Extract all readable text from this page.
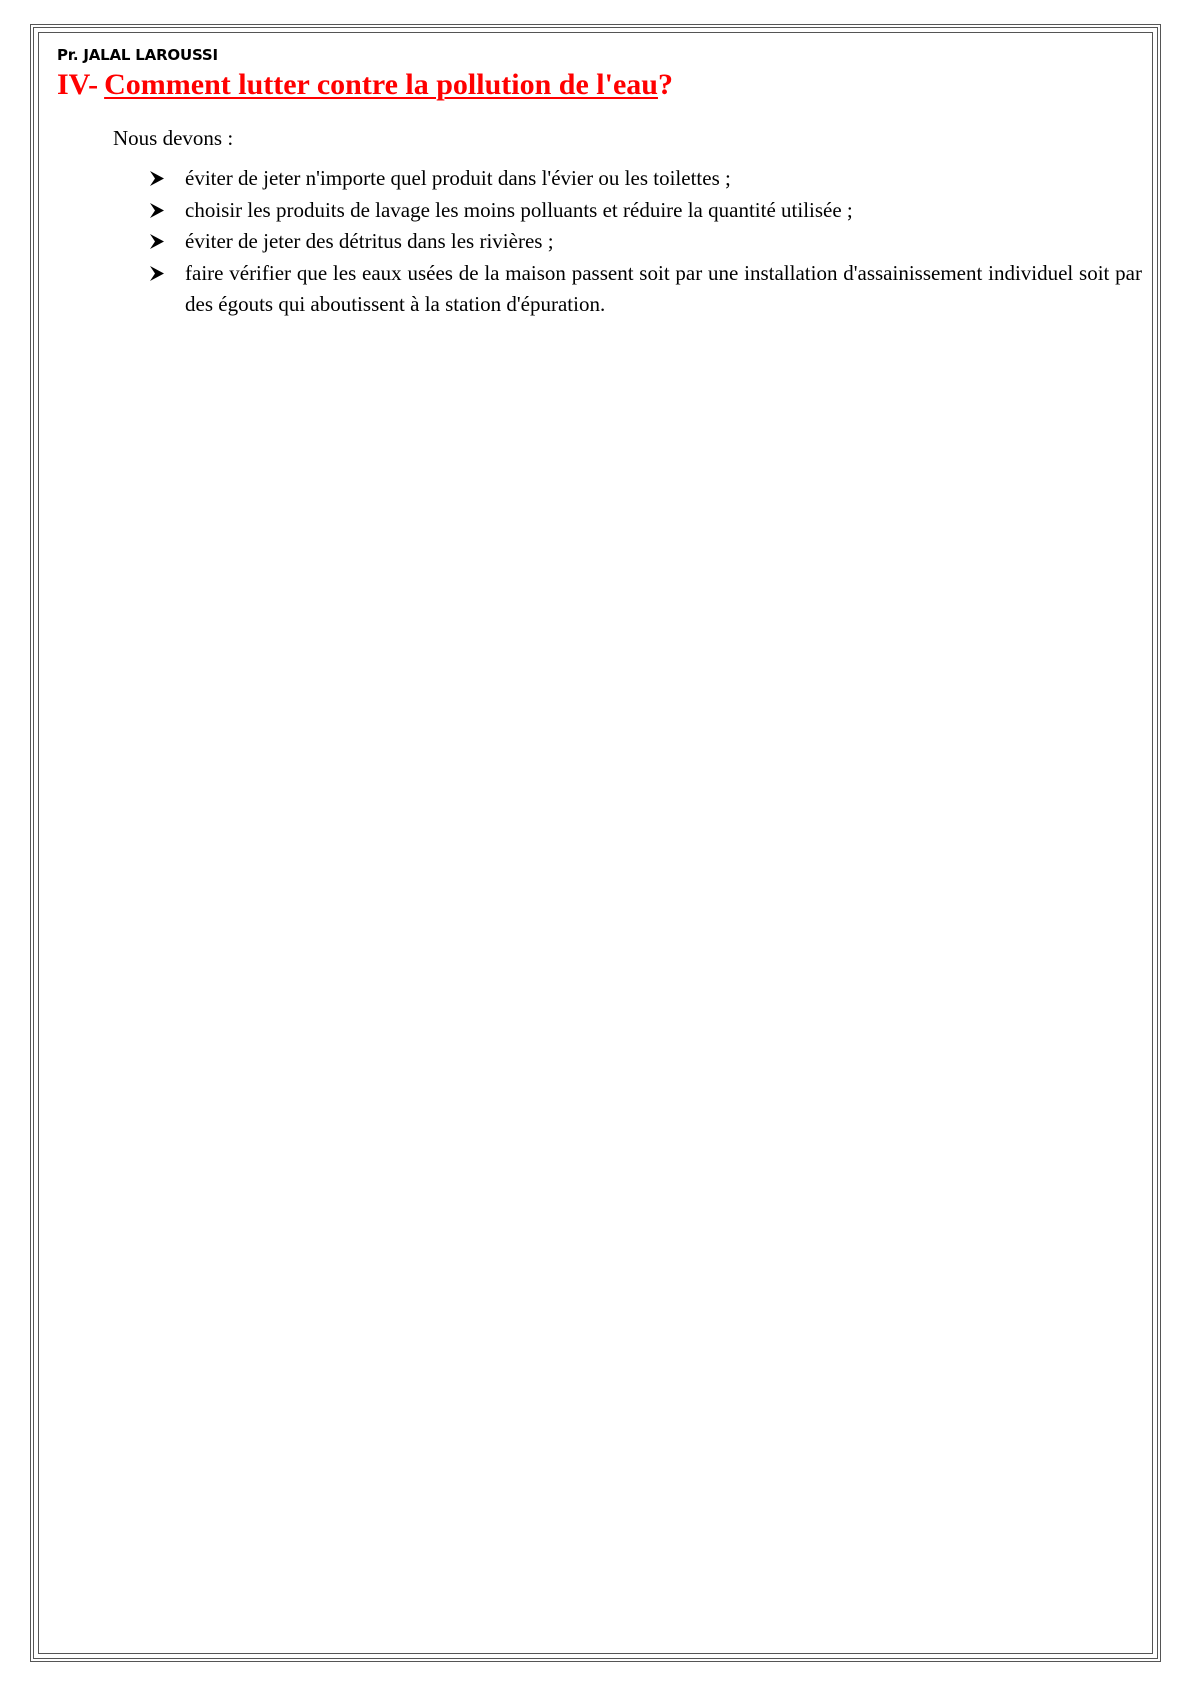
Pr. JALAL LAROUSSI
IV- Comment lutter contre la pollution de l'eau?
Nous devons :
éviter de jeter n'importe quel produit dans l'évier ou les toilettes ;
choisir les produits de lavage les moins polluants et réduire la quantité utilisée ;
éviter de jeter des détritus dans les rivières ;
faire vérifier que les eaux usées de la maison passent soit par une installation d'assainissement individuel soit par des égouts qui aboutissent à la station d'épuration.
